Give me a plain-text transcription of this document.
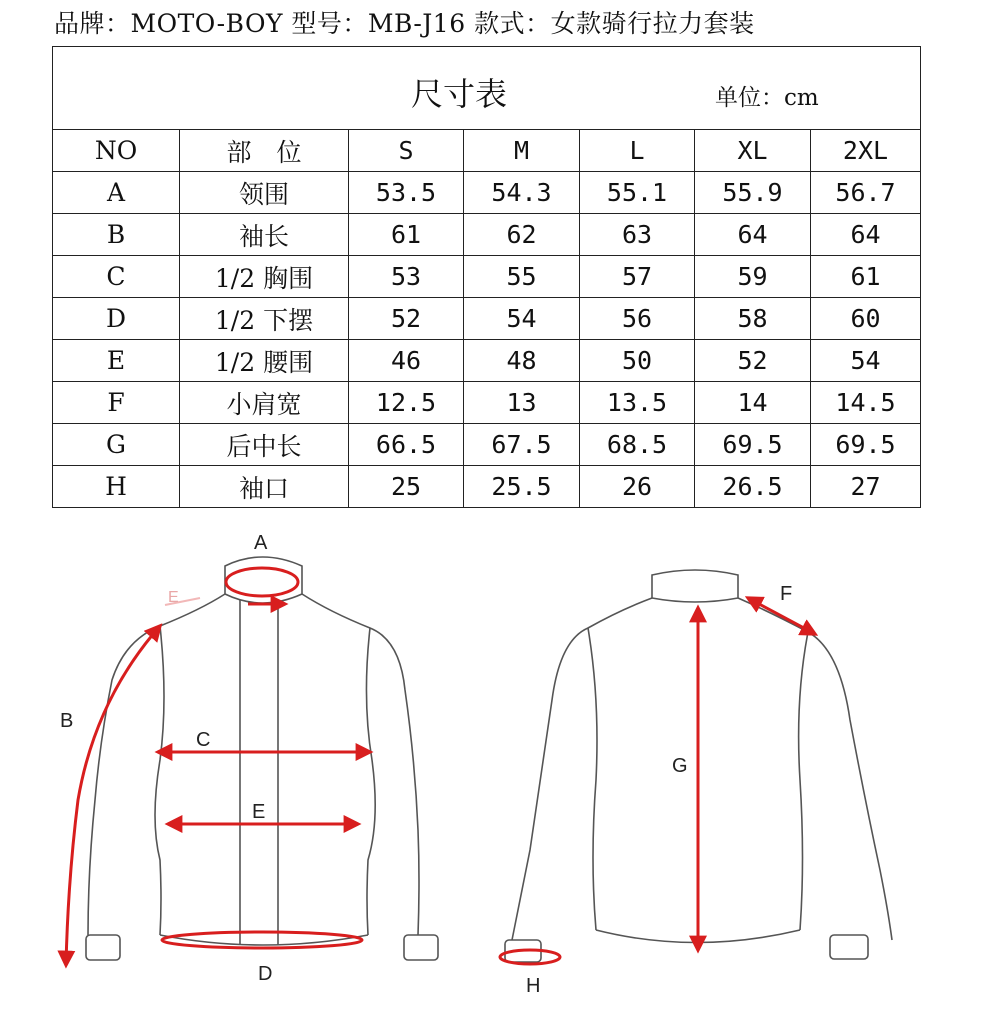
品牌：MOTO-BOY 型号：MB-J16 款式：女款骑行拉力套装
尺寸表 单位：cm						

NO	部　位	S	M	L	XL	2XL
A	领围	53.5	54.3	55.1	55.9	56.7
B	袖长	61	62	63	64	64
C	1/2 胸围	53	55	57	59	61
D	1/2 下摆	52	54	56	58	60
E	1/2 腰围	46	48	50	52	54
F	小肩宽	12.5	13	13.5	14	14.5
G	后中长	66.5	67.5	68.5	69.5	69.5
H	袖口	25	25.5	26	26.5	27
A
B
C
E
D
F
G
H
E
